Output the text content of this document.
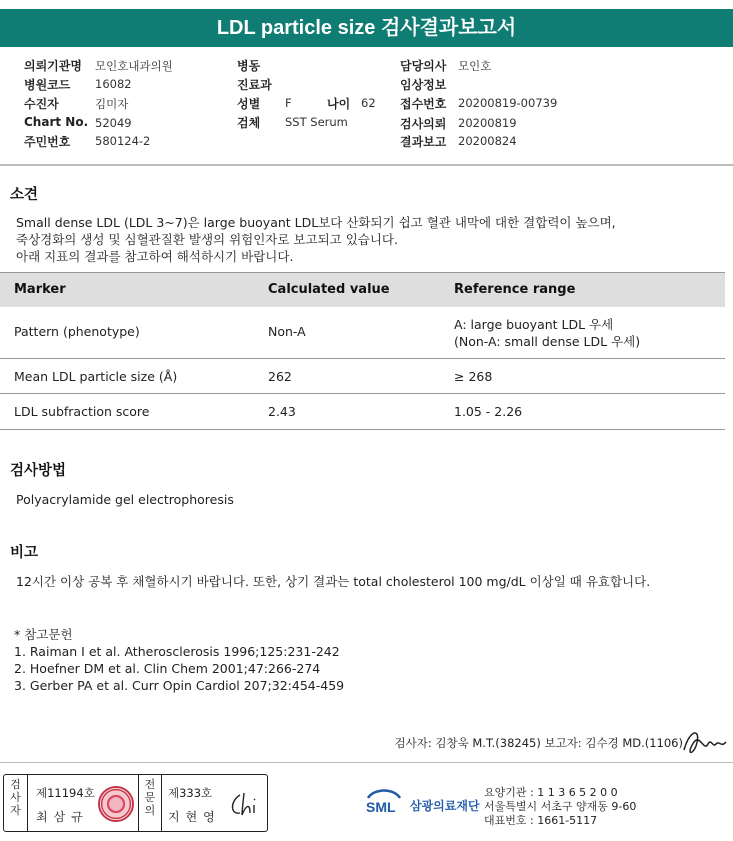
LDL particle size 검사결과보고서
의뢰기관명 모인호내과의원
병원코드 16082
수진자	김미자
Chart No. 52049
주민번호 580124-2
병동
진료과
성별 F	나이 62
검체 SST Serum
담당의사 모인호
임상정보
접수번호 20200819-00739
검사의뢰 20200819
결과보고 20200824
소견
Small dense LDL (LDL 3~7)은 large buoyant LDL보다 산화되기 쉽고 혈관 내막에 대한 결합력이 높으며,
죽상경화의 생성 및 심혈관질환 발생의 위험인자로 보고되고 있습니다.
아래 지표의 결과를 참고하여 해석하시기 바랍니다.
Marker	Calculated value	Reference range
Pattern (phenotype)	Non-A	A: large buoyant LDL 우세
(Non-A: small dense LDL 우세)
Mean LDL particle size (Å)	262	≥ 268
LDL subfraction score	2.43	1.05 - 2.26
검사방법
Polyacrylamide gel electrophoresis
비고
12시간 이상 공복 후 채혈하시기 바랍니다. 또한, 상기 결과는 total cholesterol 100 mg/dL 이상일 때 유효합니다.
* 참고문헌
1. Raiman I et al. Atherosclerosis 1996;125:231-242
2. Hoefner DM et al. Clin Chem 2001;47:266-274
3. Gerber PA et al. Curr Opin Cardiol 207;32:454-459
검사자: 김창욱 M.T.(38245) 보고자: 김수경 MD.(1106)
검
사
자
제11194호
최삼규
전
문
의
제333호
지현영
SML 삼광의료재단
요양기관 : 1 1 3 6 5 2 0 0
서울특별시 서초구 양재동 9-60
대표번호 : 1661-5117
